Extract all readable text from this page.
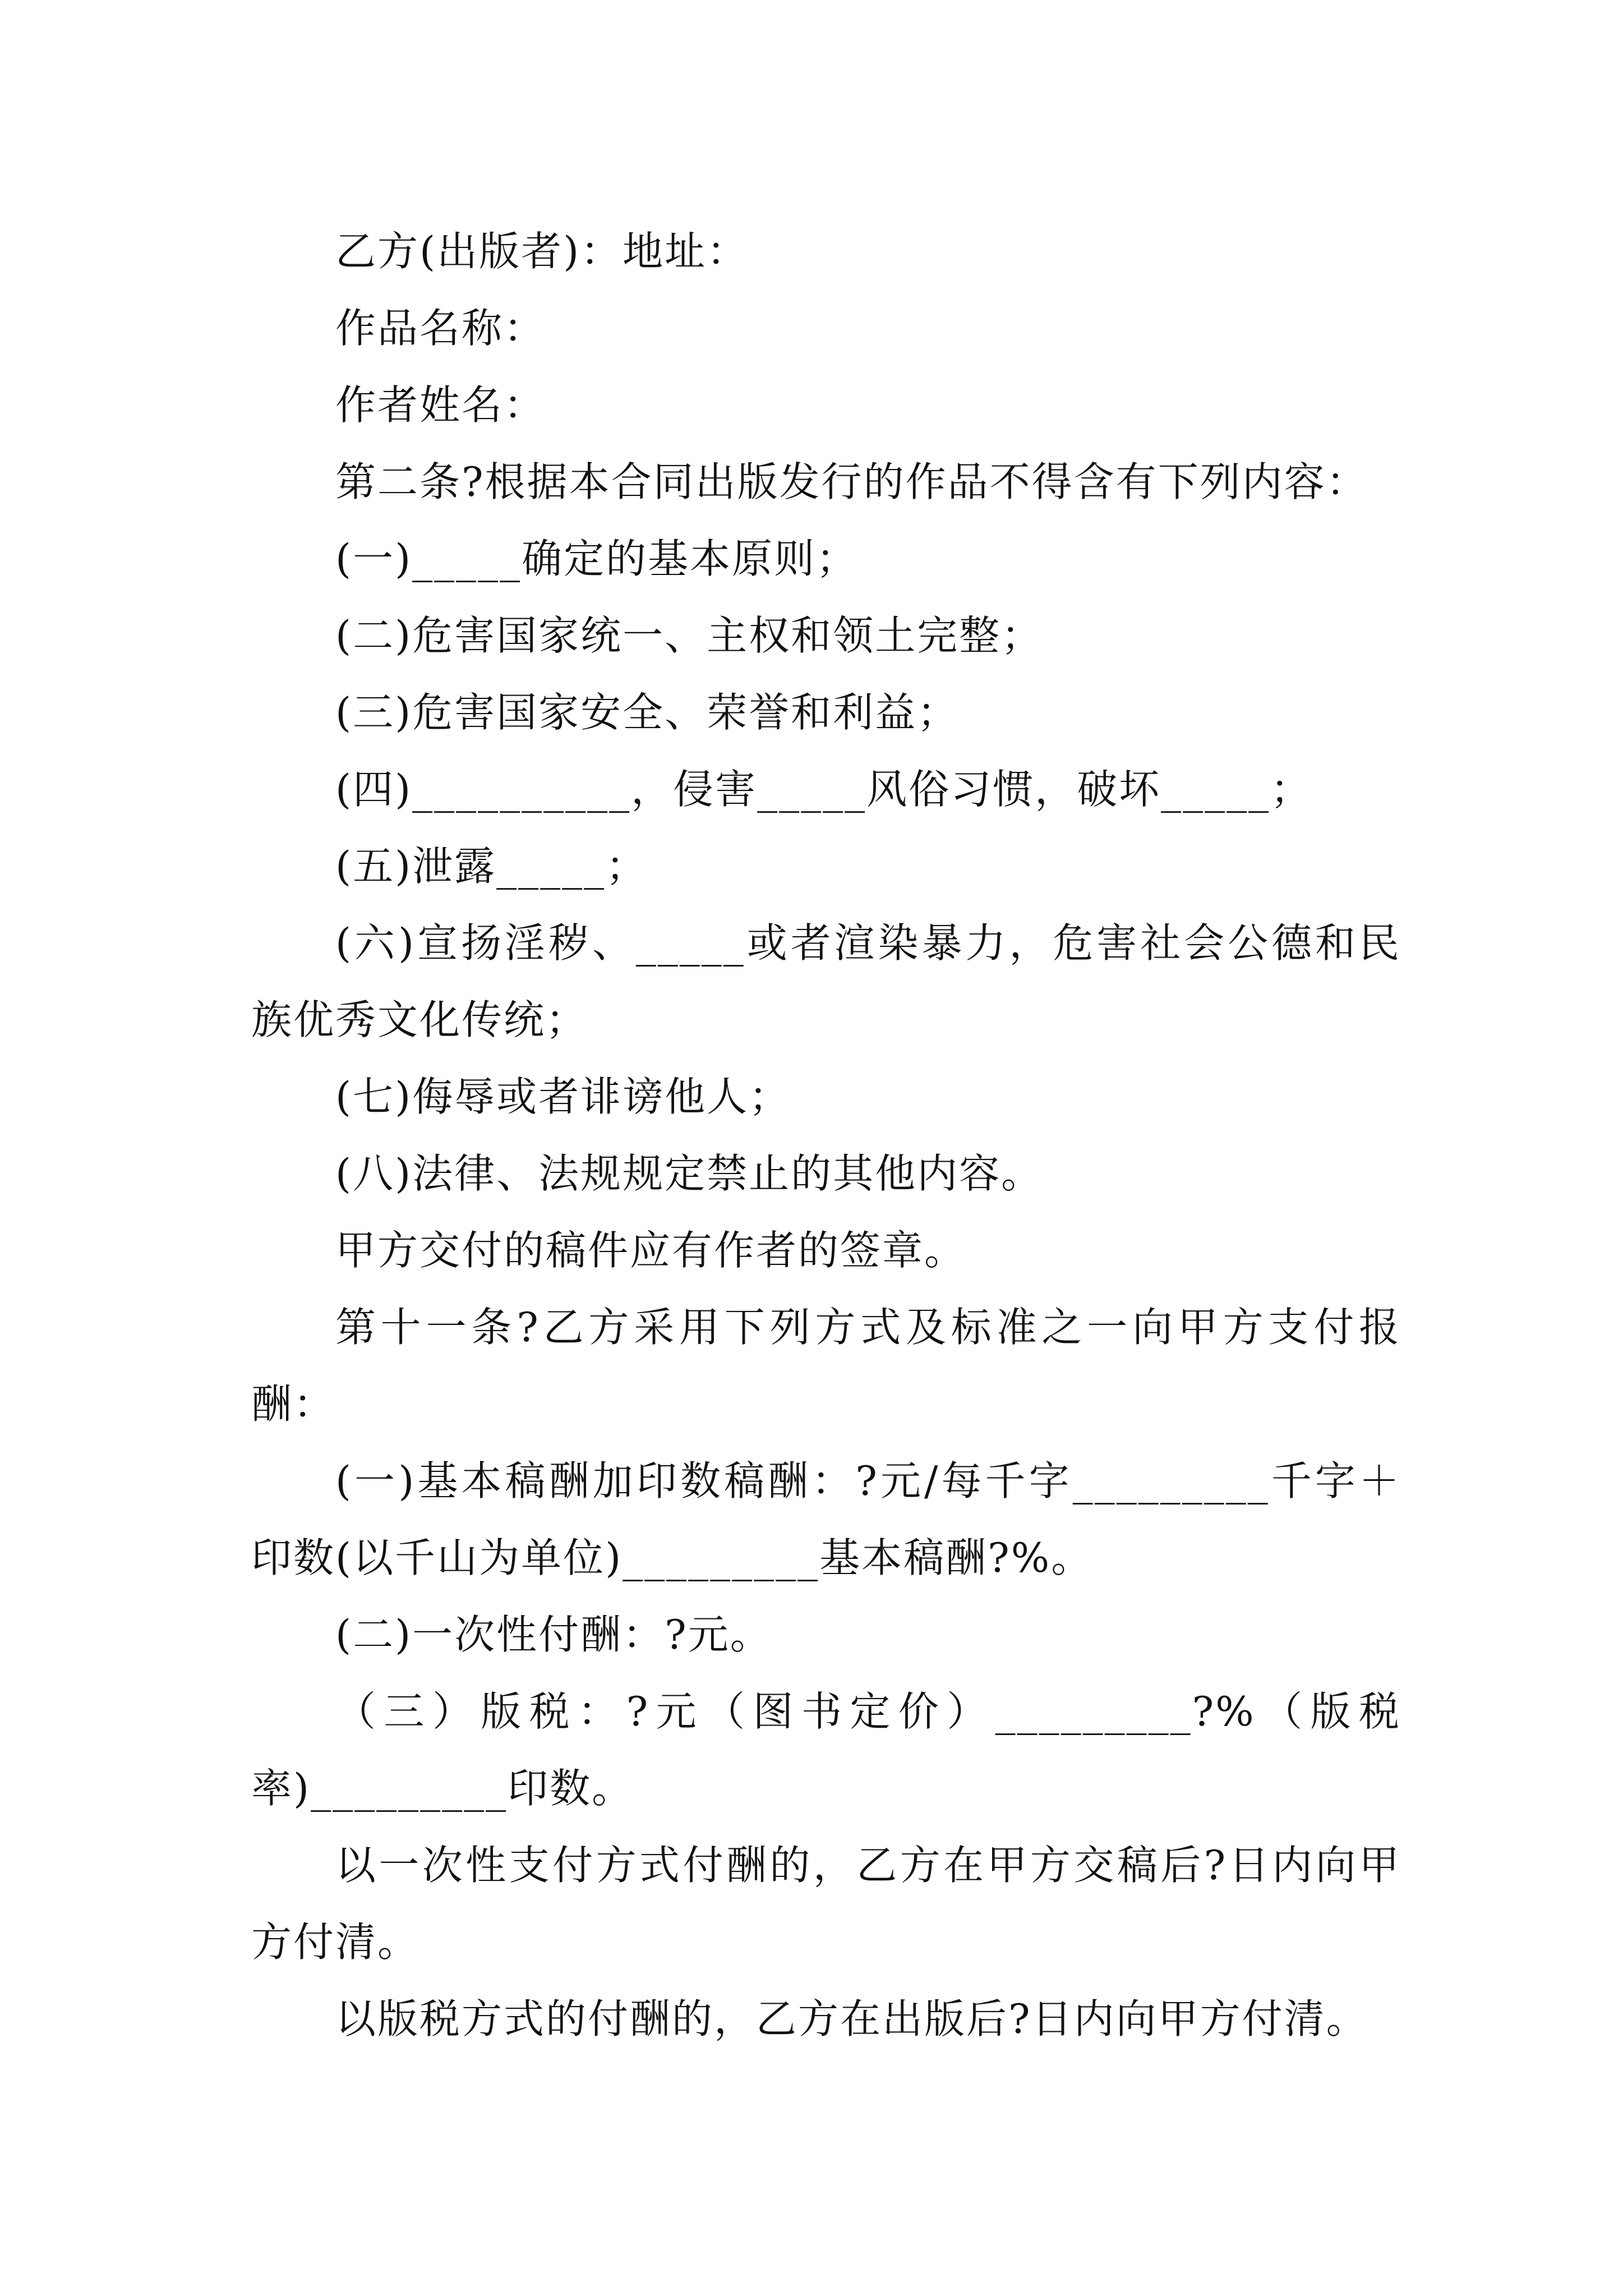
乙方(出版者)：地址：

作品名称：

作者姓名：

第二条?根据本合同出版发行的作品不得含有下列内容：

(一)_____确定的基本原则；

(二)危害国家统一、主权和领土完整；

(三)危害国家安全、荣誉和利益；

(四)__________，侵害_____风俗习惯，破坏_____；

(五)泄露_____；

(六)宣扬淫秽、_____或者渲染暴力，危害社会公德和民族优秀文化传统；

(七)侮辱或者诽谤他人；

(八)法律、法规规定禁止的其他内容。

甲方交付的稿件应有作者的签章。

第十一条?乙方采用下列方式及标准之一向甲方支付报酬：

(一)基本稿酬加印数稿酬：?元/每千字_________千字＋印数(以千山为单位)_________基本稿酬?%。

(二)一次性付酬：?元。

（三）版税：?元（图书定价）_________?%（版税率)_________印数。

以一次性支付方式付酬的，乙方在甲方交稿后?日内向甲方付清。

以版税方式的付酬的，乙方在出版后?日内向甲方付清。
